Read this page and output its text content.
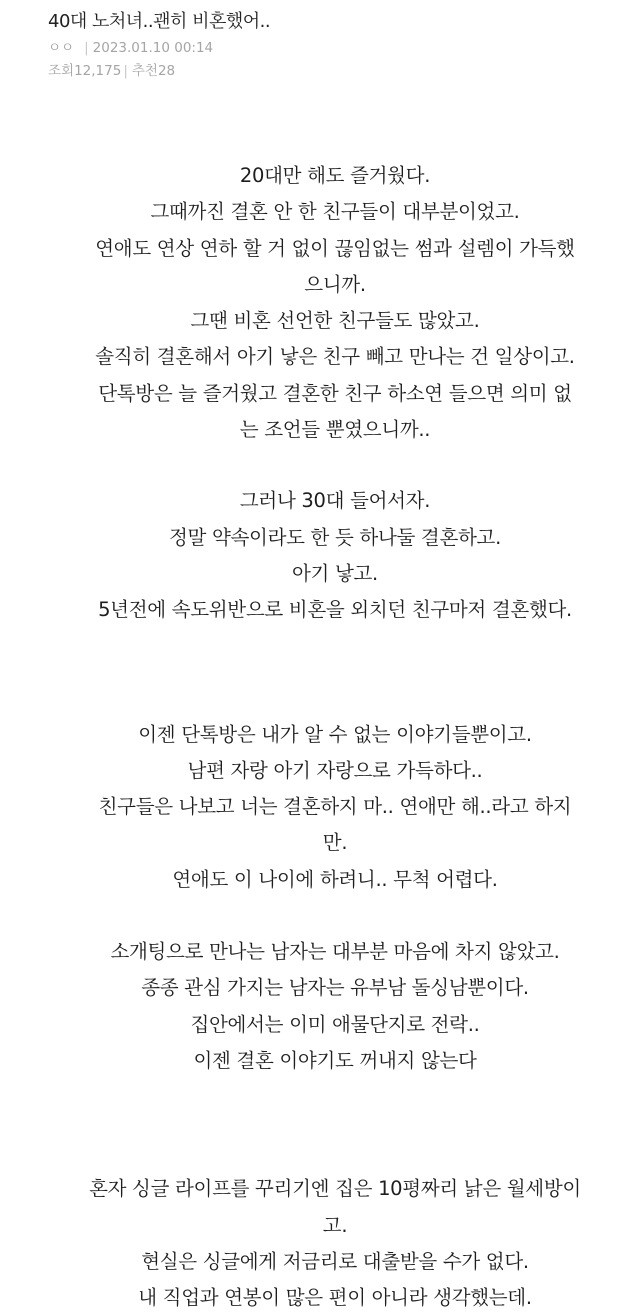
40대 노처녀..괜히 비혼했어..
ㅇㅇ | 2023.01.10 00:14
조회12,175 | 추천28
20대만 해도 즐거웠다.
그때까진 결혼 안 한 친구들이 대부분이었고.
연애도 연상 연하 할 거 없이 끊임없는 썸과 설렘이 가득했
으니까.
그땐 비혼 선언한 친구들도 많았고.
솔직히 결혼해서 아기 낳은 친구 빼고 만나는 건 일상이고.
단톡방은 늘 즐거웠고 결혼한 친구 하소연 들으면 의미 없
는 조언들 뿐였으니까..
그러나 30대 들어서자.
정말 약속이라도 한 듯 하나둘 결혼하고.
아기 낳고.
5년전에 속도위반으로 비혼을 외치던 친구마저 결혼했다.
이젠 단톡방은 내가 알 수 없는 이야기들뿐이고.
남편 자랑 아기 자랑으로 가득하다..
친구들은 나보고 너는 결혼하지 마.. 연애만 해..라고 하지
만.
연애도 이 나이에 하려니.. 무척 어렵다.
소개팅으로 만나는 남자는 대부분 마음에 차지 않았고.
종종 관심 가지는 남자는 유부남 돌싱남뿐이다.
집안에서는 이미 애물단지로 전락..
이젠 결혼 이야기도 꺼내지 않는다
혼자 싱글 라이프를 꾸리기엔 집은 10평짜리 낡은 월세방이
고.
현실은 싱글에게 저금리로 대출받을 수가 없다.
내 직업과 연봉이 많은 편이 아니라 생각했는데.
